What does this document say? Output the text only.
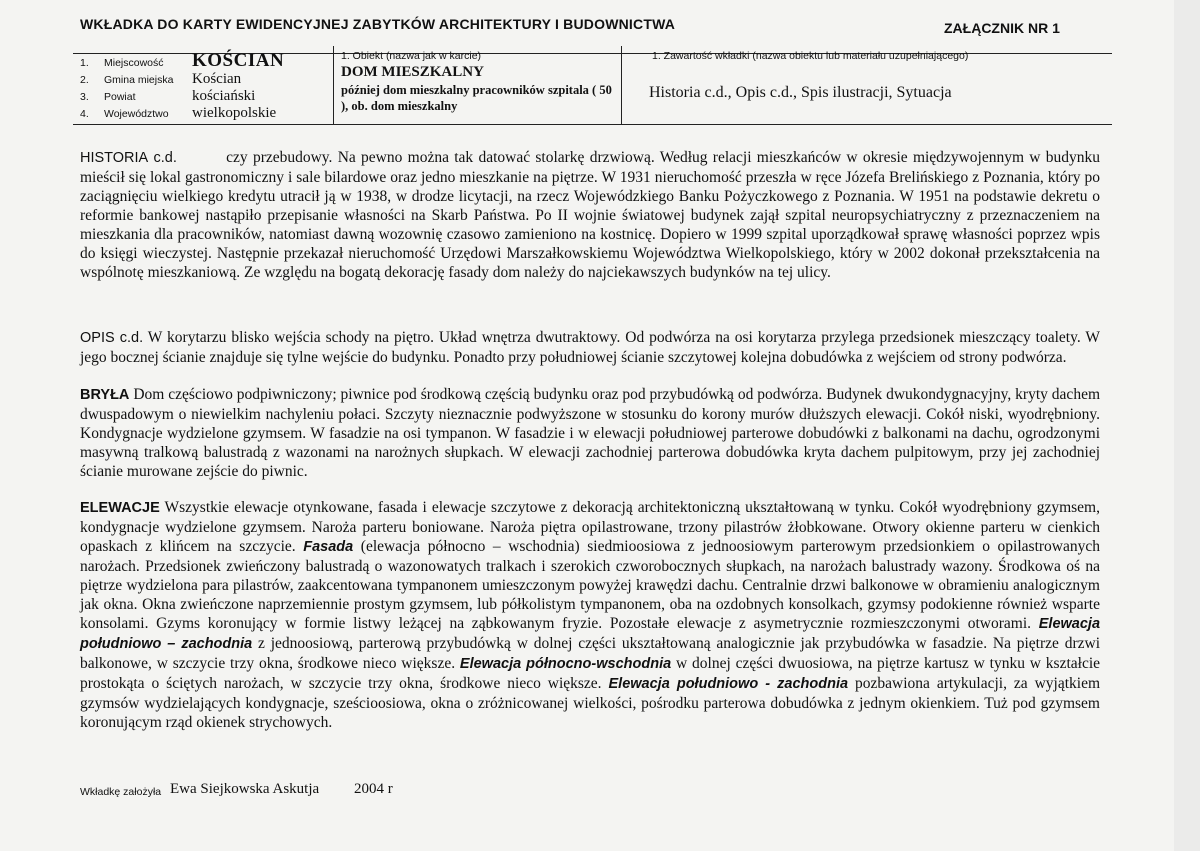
WKŁADKA DO KARTY EWIDENCYJNEJ ZABYTKÓW ARCHITEKTURY I BUDOWNICTWA	ZAŁĄCZNIK NR 1
1. Miejscowość KOŚCIAN
2. Gmina miejska Kościan
3. Powiat	kościański
4. Województwo wielkopolskie
1. Obiekt (nazwa jak w karcie)
DOM MIESZKALNY
później dom mieszkalny pracowników szpitala ( 50 ), ob. dom mieszkalny
1. Zawartość wkładki (nazwa obiektu lub materiału uzupełniającego)
Historia c.d., Opis c.d., Spis ilustracji, Sytuacja
HISTORIA c.d.	czy przebudowy. Na pewno można tak datować stolarkę drzwiową. Według relacji mieszkańców w okresie międzywojennym w budynku mieścił się lokal gastronomiczny i sale bilardowe oraz jedno mieszkanie na piętrze. W 1931 nieruchomość przeszła w ręce Józefa Brelińskiego z Poznania, który po zaciągnięciu wielkiego kredytu utracił ją w 1938, w drodze licytacji, na rzecz Wojewódzkiego Banku Pożyczkowego z Poznania. W 1951 na podstawie dekretu o reformie bankowej nastąpiło przepisanie własności na Skarb Państwa. Po II wojnie światowej budynek zajął szpital neuropsychiatryczny z przeznaczeniem na mieszkania dla pracowników, natomiast dawną wozownię czasowo zamieniono na kostnicę. Dopiero w 1999 szpital uporządkował sprawę własności poprzez wpis do księgi wieczystej. Następnie przekazał nieruchomość Urzędowi Marszałkowskiemu Województwa Wielkopolskiego, który w 2002 dokonał przekształcenia na wspólnotę mieszkaniową. Ze względu na bogatą dekorację fasady dom należy do najciekawszych budynków na tej ulicy.
OPIS c.d. W korytarzu blisko wejścia schody na piętro. Układ wnętrza dwutraktowy. Od podwórza na osi korytarza przylega przedsionek mieszczący toalety. W jego bocznej ścianie znajduje się tylne wejście do budynku. Ponadto przy południowej ścianie szczytowej kolejna dobudówka z wejściem od strony podwórza.
BRYŁA Dom częściowo podpiwniczony; piwnice pod środkową częścią budynku oraz pod przybudówką od podwórza. Budynek dwukondygnacyjny, kryty dachem dwuspadowym o niewielkim nachyleniu połaci. Szczyty nieznacznie podwyższone w stosunku do korony murów dłuższych elewacji. Cokół niski, wyodrębniony. Kondygnacje wydzielone gzymsem. W fasadzie na osi tympanon. W fasadzie i w elewacji południowej parterowe dobudówki z balkonami na dachu, ogrodzonymi masywną tralkową balustradą z wazonami na narożnych słupkach. W elewacji zachodniej parterowa dobudówka kryta dachem pulpitowym, przy jej zachodniej ścianie murowane zejście do piwnic.
ELEWACJE Wszystkie elewacje otynkowane, fasada i elewacje szczytowe z dekoracją architektoniczną ukształtowaną w tynku. Cokół wyodrębniony gzymsem, kondygnacje wydzielone gzymsem. Naroża parteru boniowane. Naroża piętra opilastrowane, trzony pilastrów żłobkowane. Otwory okienne parteru w cienkich opaskach z klińcem na szczycie. Fasada (elewacja północno – wschodnia) siedmioosiowa z jednoosiowym parterowym przedsionkiem o opilastrowanych narożach. Przedsionek zwieńczony balustradą o wazonowatych tralkach i szerokich czworobocznych słupkach, na narożach balustrady wazony. Środkowa oś na piętrze wydzielona para pilastrów, zaakcentowana tympanonem umieszczonym powyżej krawędzi dachu. Centralnie drzwi balkonowe w obramieniu analogicznym jak okna. Okna zwieńczone naprzemiennie prostym gzymsem, lub półkolistym tympanonem, oba na ozdobnych konsolkach, gzymsy podokienne również wsparte konsolami. Gzyms koronujący w formie listwy leżącej na ząbkowanym fryzie. Pozostałe elewacje z asymetrycznie rozmieszczonymi otworami. Elewacja południowo – zachodnia z jednoosiową, parterową przybudówką w dolnej części ukształtowaną analogicznie jak przybudówka w fasadzie. Na piętrze drzwi balkonowe, w szczycie trzy okna, środkowe nieco większe. Elewacja północno-wschodnia w dolnej części dwuosiowa, na piętrze kartusz w tynku w kształcie prostokąta o ściętych narożach, w szczycie trzy okna, środkowe nieco większe. Elewacja południowo - zachodnia pozbawiona artykulacji, za wyjątkiem gzymsów wydzielających kondygnacje, sześcioosiowa, okna o zróżnicowanej wielkości, pośrodku parterowa dobudówka z jednym okienkiem. Tuż pod gzymsem koronującym rząd okienek strychowych.
Wkładkę założyła Ewa Siejkowska Askutja 2004 r
